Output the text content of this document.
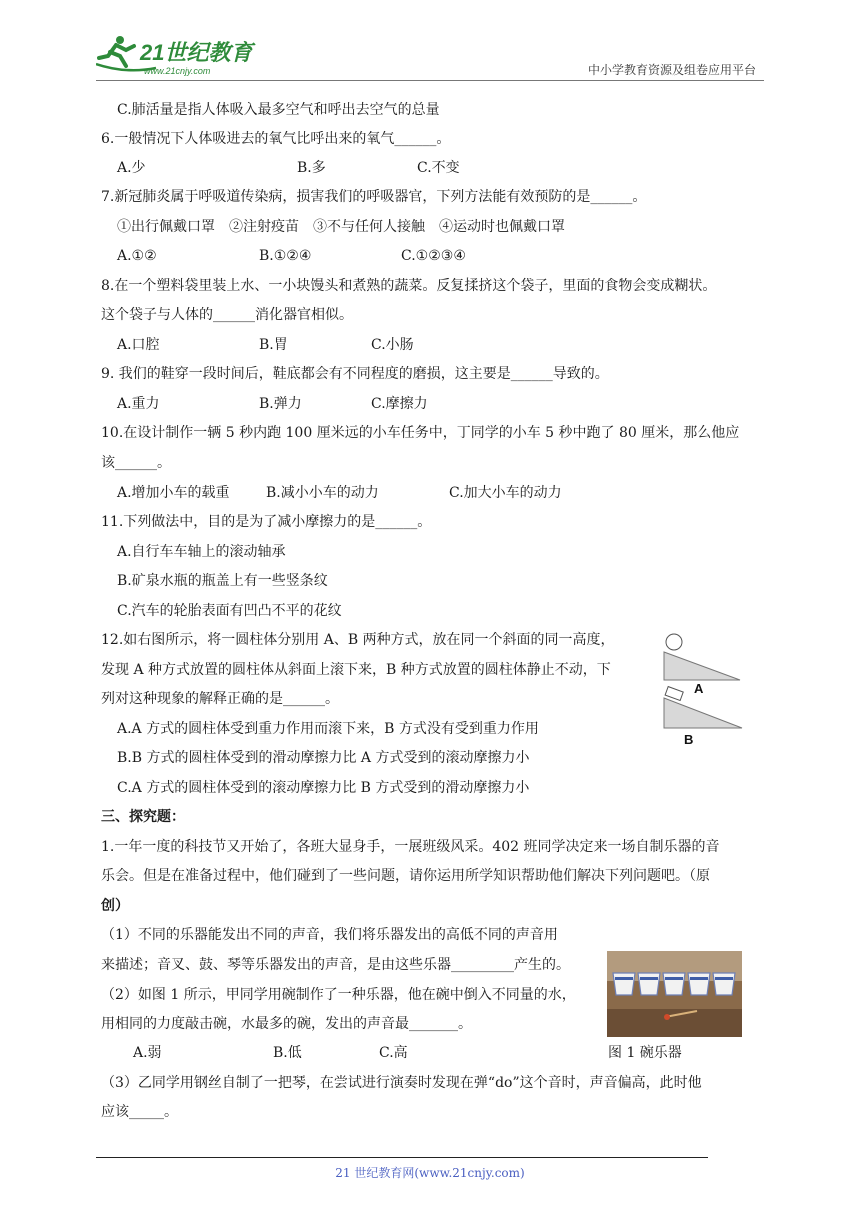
21世纪教育
www.21cnjy.com	中小学教育资源及组卷应用平台
C.肺活量是指人体吸入最多空气和呼出去空气的总量
6.一般情况下人体吸进去的氧气比呼出来的氧气______。
A.少	B.多	C.不变
7.新冠肺炎属于呼吸道传染病，损害我们的呼吸器官，下列方法能有效预防的是______。
①出行佩戴口罩　②注射疫苗　③不与任何人接触　④运动时也佩戴口罩
A.①②	B.①②④	C.①②③④
8.在一个塑料袋里装上水、一小块馒头和煮熟的蔬菜。反复揉挤这个袋子，里面的食物会变成糊状。
这个袋子与人体的______消化器官相似。
A.口腔	B.胃	C.小肠
9. 我们的鞋穿一段时间后，鞋底都会有不同程度的磨损，这主要是______导致的。
A.重力	B.弹力	C.摩擦力
10.在设计制作一辆 5 秒内跑 100 厘米远的小车任务中，丁同学的小车 5 秒中跑了 80 厘米，那么他应
该______。
A.增加小车的载重	B.减小小车的动力	C.加大小车的动力
11.下列做法中，目的是为了减小摩擦力的是______。
A.自行车车轴上的滚动轴承
B.矿泉水瓶的瓶盖上有一些竖条纹
C.汽车的轮胎表面有凹凸不平的花纹
12.如右图所示，将一圆柱体分别用 A、B 两种方式，放在同一个斜面的同一高度，
发现 A 种方式放置的圆柱体从斜面上滚下来，B 种方式放置的圆柱体静止不动，下
列对这种现象的解释正确的是______。
A.A 方式的圆柱体受到重力作用而滚下来，B 方式没有受到重力作用
B.B 方式的圆柱体受到的滑动摩擦力比 A 方式受到的滚动摩擦力小
C.A 方式的圆柱体受到的滚动摩擦力比 B 方式受到的滑动摩擦力小
三、探究题：
1.一年一度的科技节又开始了，各班大显身手，一展班级风采。402 班同学决定来一场自制乐器的音
乐会。但是在准备过程中，他们碰到了一些问题，请你运用所学知识帮助他们解决下列问题吧。（原
创）
（1）不同的乐器能发出不同的声音，我们将乐器发出的高低不同的声音用
来描述；音叉、鼓、琴等乐器发出的声音，是由这些乐器_________产生的。
（2）如图 1 所示，甲同学用碗制作了一种乐器，他在碗中倒入不同量的水，
用相同的力度敲击碗，水最多的碗，发出的声音最_______。
A.弱	B.低	C.高	图 1 碗乐器
（3）乙同学用钢丝自制了一把琴，在尝试进行演奏时发现在弹“do”这个音时，声音偏高，此时他
应该_____。
A
B
21 世纪教育网(www.21cnjy.com)
